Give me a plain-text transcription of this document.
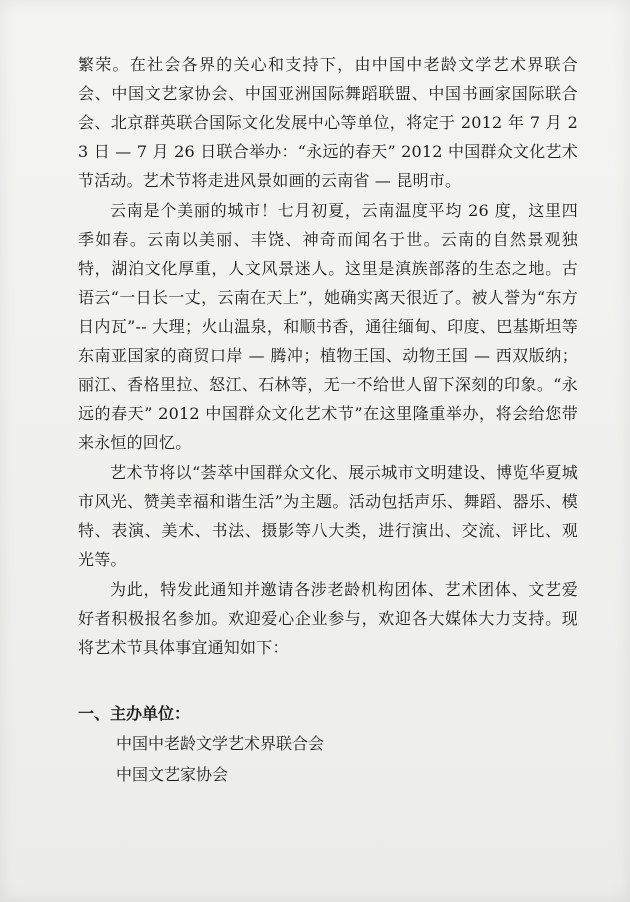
繁荣。在社会各界的关心和支持下，由中国中老龄文学艺术界联合会、中国文艺家协会、中国亚洲国际舞蹈联盟、中国书画家国际联合会、北京群英联合国际文化发展中心等单位，将定于 2012 年 7 月 23 日 — 7 月 26 日联合举办：“永远的春天” 2012 中国群众文化艺术节活动。艺术节将走进风景如画的云南省 — 昆明市。

云南是个美丽的城市！七月初夏，云南温度平均 26 度，这里四季如春。云南以美丽、丰饶、神奇而闻名于世。云南的自然景观独特，湖泊文化厚重，人文风景迷人。这里是滇族部落的生态之地。古语云“一日长一丈，云南在天上”，她确实离天很近了。被人誉为“东方日内瓦”-- 大理；火山温泉，和顺书香，通往缅甸、印度、巴基斯坦等东南亚国家的商贸口岸 — 腾冲；植物王国、动物王国 — 西双版纳；丽江、香格里拉、怒江、石林等，无一不给世人留下深刻的印象。“永远的春天” 2012 中国群众文化艺术节”在这里隆重举办，将会给您带来永恒的回忆。

艺术节将以“荟萃中国群众文化、展示城市文明建设、博览华夏城市风光、赞美幸福和谐生活”为主题。活动包括声乐、舞蹈、器乐、模特、表演、美术、书法、摄影等八大类，进行演出、交流、评比、观光等。

为此，特发此通知并邀请各涉老龄机构团体、艺术团体、文艺爱好者积极报名参加。欢迎爱心企业参与，欢迎各大媒体大力支持。现将艺术节具体事宜通知如下：

一、主办单位：

中国中老龄文学艺术界联合会

中国文艺家协会
